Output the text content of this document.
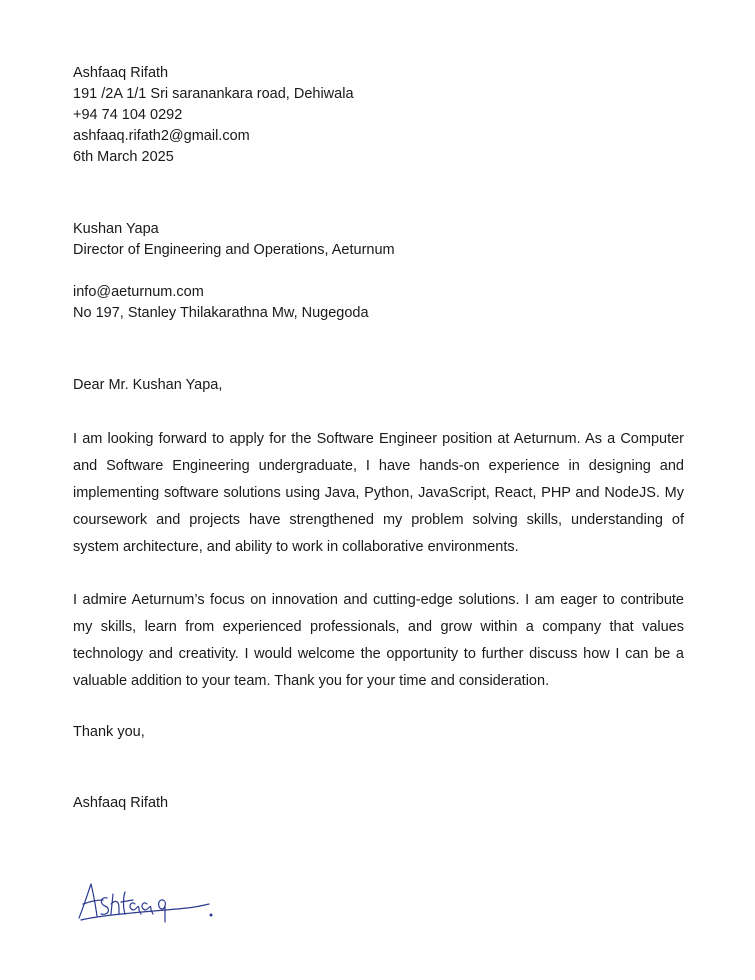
Ashfaaq Rifath
191 /2A 1/1 Sri saranankara road, Dehiwala
+94 74 104 0292
ashfaaq.rifath2@gmail.com
6th March 2025
Kushan Yapa
Director of Engineering and Operations, Aeturnum
info@aeturnum.com
No 197, Stanley Thilakarathna Mw, Nugegoda
Dear Mr. Kushan Yapa,

I am looking forward to apply for the Software Engineer position at Aeturnum. As a Computer and Software Engineering undergraduate, I have hands-on experience in designing and implementing software solutions using Java, Python, JavaScript, React, PHP and NodeJS. My coursework and projects have strengthened my problem solving skills, understanding of system architecture, and ability to work in collaborative environments.

I admire Aeturnum’s focus on innovation and cutting-edge solutions. I am eager to contribute my skills, learn from experienced professionals, and grow within a company that values technology and creativity. I would welcome the opportunity to further discuss how I can be a valuable addition to your team. Thank you for your time and consideration.

Thank you,
Ashfaaq Rifath
